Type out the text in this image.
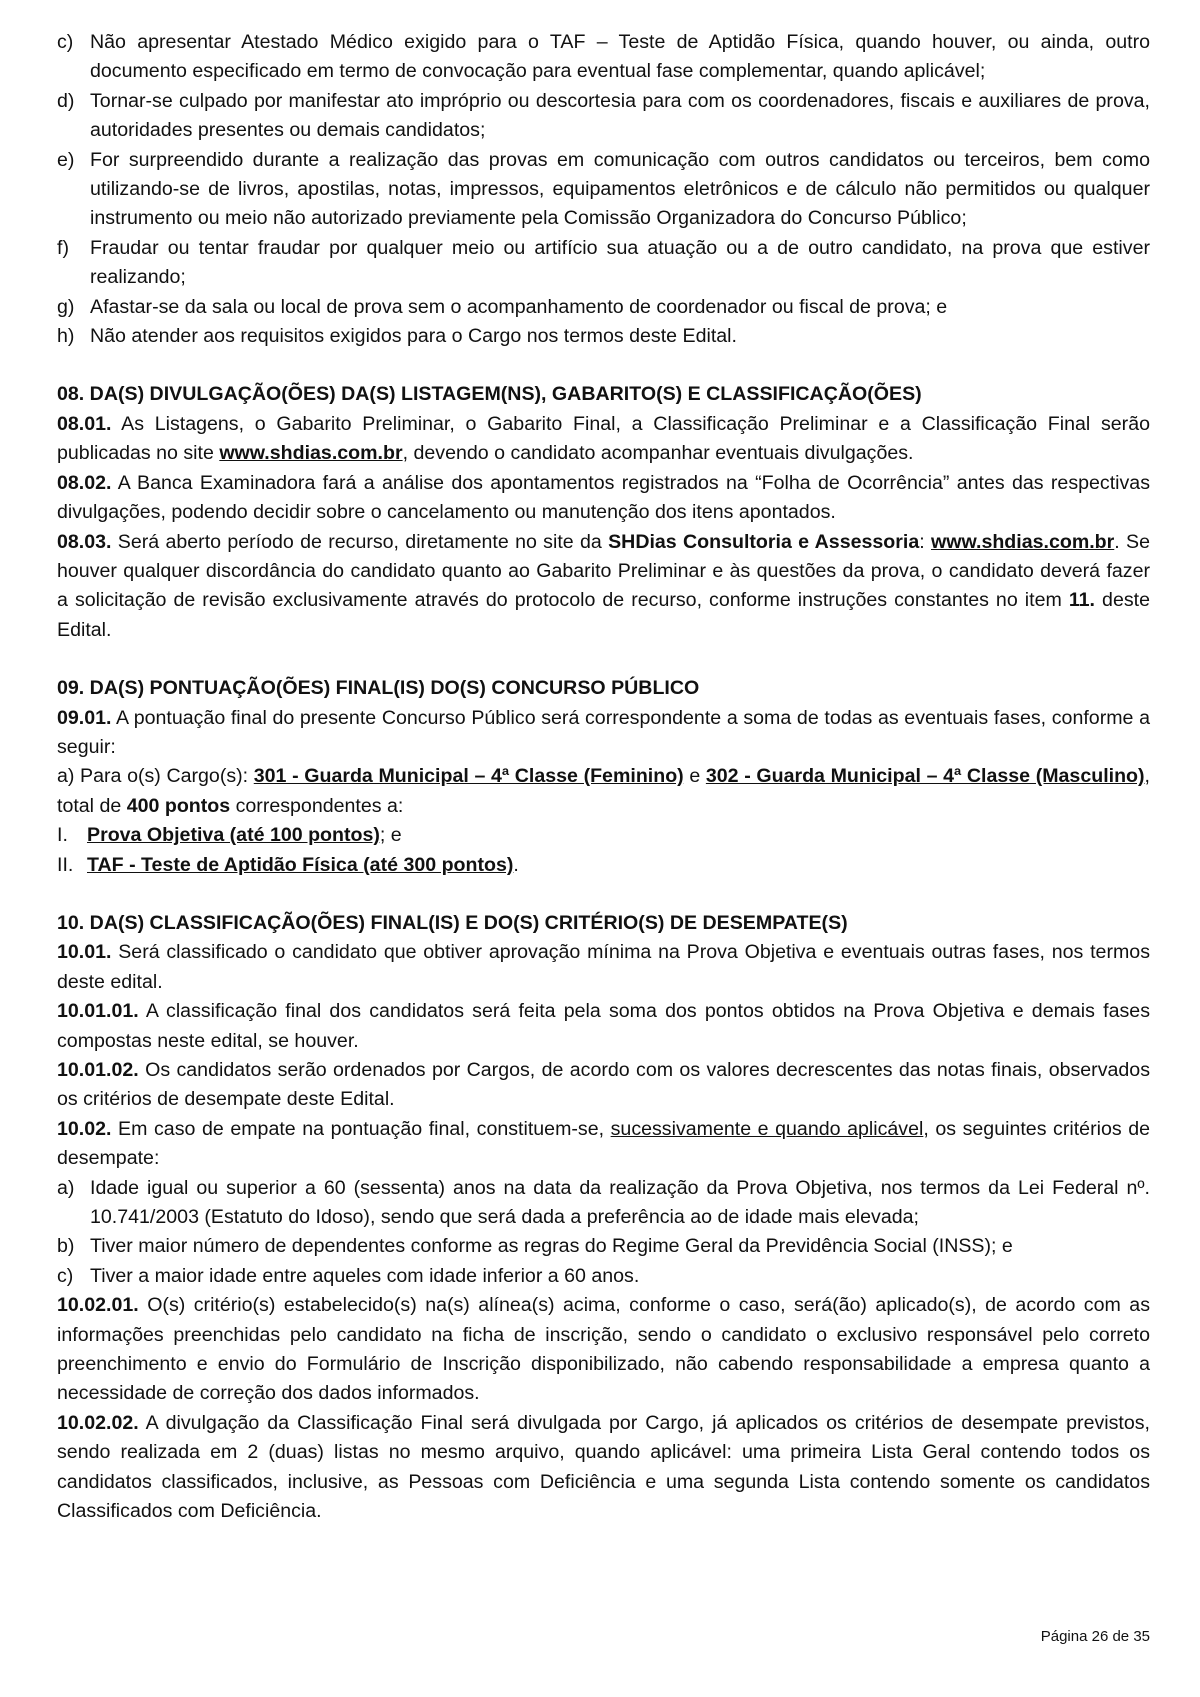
c) Não apresentar Atestado Médico exigido para o TAF – Teste de Aptidão Física, quando houver, ou ainda, outro documento especificado em termo de convocação para eventual fase complementar, quando aplicável;
d) Tornar-se culpado por manifestar ato impróprio ou descortesia para com os coordenadores, fiscais e auxiliares de prova, autoridades presentes ou demais candidatos;
e) For surpreendido durante a realização das provas em comunicação com outros candidatos ou terceiros, bem como utilizando-se de livros, apostilas, notas, impressos, equipamentos eletrônicos e de cálculo não permitidos ou qualquer instrumento ou meio não autorizado previamente pela Comissão Organizadora do Concurso Público;
f)	Fraudar ou tentar fraudar por qualquer meio ou artifício sua atuação ou a de outro candidato, na prova que estiver realizando;
g) Afastar-se da sala ou local de prova sem o acompanhamento de coordenador ou fiscal de prova; e
h) Não atender aos requisitos exigidos para o Cargo nos termos deste Edital.
08. DA(S) DIVULGAÇÃO(ÕES) DA(S) LISTAGEM(NS), GABARITO(S) E CLASSIFICAÇÃO(ÕES)
08.01. As Listagens, o Gabarito Preliminar, o Gabarito Final, a Classificação Preliminar e a Classificação Final serão publicadas no site www.shdias.com.br, devendo o candidato acompanhar eventuais divulgações.
08.02. A Banca Examinadora fará a análise dos apontamentos registrados na “Folha de Ocorrência” antes das respectivas divulgações, podendo decidir sobre o cancelamento ou manutenção dos itens apontados.
08.03. Será aberto período de recurso, diretamente no site da SHDias Consultoria e Assessoria: www.shdias.com.br. Se houver qualquer discordância do candidato quanto ao Gabarito Preliminar e às questões da prova, o candidato deverá fazer a solicitação de revisão exclusivamente através do protocolo de recurso, conforme instruções constantes no item 11. deste Edital.
09. DA(S) PONTUAÇÃO(ÕES) FINAL(IS) DO(S) CONCURSO PÚBLICO
09.01. A pontuação final do presente Concurso Público será correspondente a soma de todas as eventuais fases, conforme a seguir:
a) Para o(s) Cargo(s): 301 - Guarda Municipal – 4ª Classe (Feminino) e 302 - Guarda Municipal – 4ª Classe (Masculino), total de 400 pontos correspondentes a:
I. Prova Objetiva (até 100 pontos); e
II. TAF - Teste de Aptidão Física (até 300 pontos).
10. DA(S) CLASSIFICAÇÃO(ÕES) FINAL(IS) E DO(S) CRITÉRIO(S) DE DESEMPATE(S)
10.01. Será classificado o candidato que obtiver aprovação mínima na Prova Objetiva e eventuais outras fases, nos termos deste edital.
10.01.01. A classificação final dos candidatos será feita pela soma dos pontos obtidos na Prova Objetiva e demais fases compostas neste edital, se houver.
10.01.02. Os candidatos serão ordenados por Cargos, de acordo com os valores decrescentes das notas finais, observados os critérios de desempate deste Edital.
10.02. Em caso de empate na pontuação final, constituem-se, sucessivamente e quando aplicável, os seguintes critérios de desempate:
a) Idade igual ou superior a 60 (sessenta) anos na data da realização da Prova Objetiva, nos termos da Lei Federal nº. 10.741/2003 (Estatuto do Idoso), sendo que será dada a preferência ao de idade mais elevada;
b) Tiver maior número de dependentes conforme as regras do Regime Geral da Previdência Social (INSS); e
c) Tiver a maior idade entre aqueles com idade inferior a 60 anos.
10.02.01. O(s) critério(s) estabelecido(s) na(s) alínea(s) acima, conforme o caso, será(ão) aplicado(s), de acordo com as informações preenchidas pelo candidato na ficha de inscrição, sendo o candidato o exclusivo responsável pelo correto preenchimento e envio do Formulário de Inscrição disponibilizado, não cabendo responsabilidade a empresa quanto a necessidade de correção dos dados informados.
10.02.02. A divulgação da Classificação Final será divulgada por Cargo, já aplicados os critérios de desempate previstos, sendo realizada em 2 (duas) listas no mesmo arquivo, quando aplicável: uma primeira Lista Geral contendo todos os candidatos classificados, inclusive, as Pessoas com Deficiência e uma segunda Lista contendo somente os candidatos Classificados com Deficiência.
Página 26 de 35
